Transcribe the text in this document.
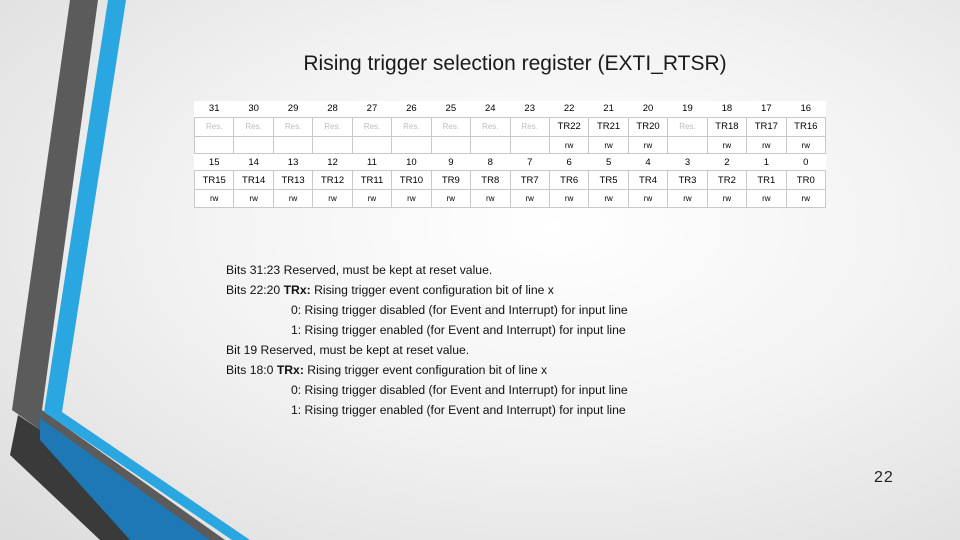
Rising trigger selection register (EXTI_RTSR)
31	30	29	28	27	26	25	24	23	22	21	20	19	18	17	16
Res.	Res.	Res.	Res.	Res.	Res.	Res.	Res.	Res.	TR22	TR21	TR20	Res.	TR18	TR17	TR16
									rw	rw	rw		rw	rw	rw
15	14	13	12	11	10	9	8	7	6	5	4	3	2	1	0
TR15	TR14	TR13	TR12	TR11	TR10	TR9	TR8	TR7	TR6	TR5	TR4	TR3	TR2	TR1	TR0
rw	rw	rw	rw	rw	rw	rw	rw	rw	rw	rw	rw	rw	rw	rw	rw
Bits 31:23 Reserved, must be kept at reset value.
Bits 22:20 TRx: Rising trigger event configuration bit of line x
0: Rising trigger disabled (for Event and Interrupt) for input line
1: Rising trigger enabled (for Event and Interrupt) for input line
Bit 19 Reserved, must be kept at reset value.
Bits 18:0 TRx: Rising trigger event configuration bit of line x
0: Rising trigger disabled (for Event and Interrupt) for input line
1: Rising trigger enabled (for Event and Interrupt) for input line
22
